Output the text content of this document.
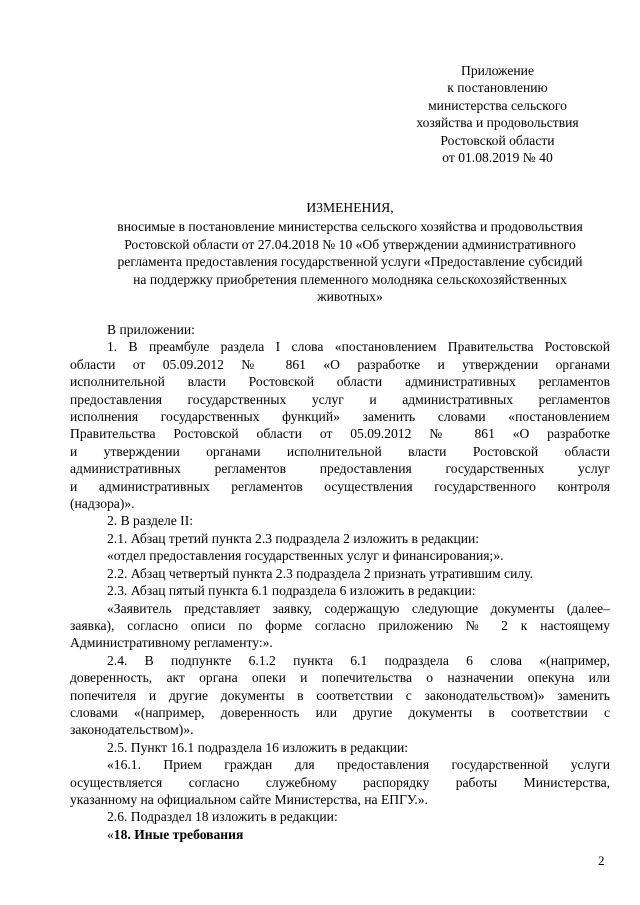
Приложение
к постановлению
министерства сельского
хозяйства и продовольствия
Ростовской области
от 01.08.2019 № 40
ИЗМЕНЕНИЯ,
вносимые в постановление министерства сельского хозяйства и продовольствия
Ростовской области от 27.04.2018 № 10 «Об утверждении административного
регламента предоставления государственной услуги «Предоставление субсидий
на поддержку приобретения племенного молодняка сельскохозяйственных
животных»

В приложении:

1. В преамбуле раздела I слова «постановлением Правительства Ростовской
области от 05.09.2012 № 861 «О разработке и утверждении органами
исполнительной власти Ростовской области административных регламентов
предоставления государственных услуг и административных регламентов
исполнения государственных функций» заменить словами «постановлением
Правительства Ростовской области от 05.09.2012 № 861 «О разработке
и утверждении органами исполнительной власти Ростовской области
административных регламентов предоставления государственных услуг
и административных регламентов осуществления государственного контроля
(надзора)».

2. В разделе II:

2.1. Абзац третий пункта 2.3 подраздела 2 изложить в редакции:

«отдел предоставления государственных услуг и финансирования;».

2.2. Абзац четвертый пункта 2.3 подраздела 2 признать утратившим силу.

2.3. Абзац пятый пункта 6.1 подраздела 6 изложить в редакции:

«Заявитель представляет заявку, содержащую следующие документы (далее–
заявка), согласно описи по форме согласно приложению № 2 к настоящему
Административному регламенту:».

2.4. В подпункте 6.1.2 пункта 6.1 подраздела 6 слова «(например,
доверенность, акт органа опеки и попечительства о назначении опекуна или
попечителя и другие документы в соответствии с законодательством)» заменить
словами «(например, доверенность или другие документы в соответствии с
законодательством)».

2.5. Пункт 16.1 подраздела 16 изложить в редакции:

«16.1. Прием граждан для предоставления государственной услуги
осуществляется согласно служебному распорядку работы Министерства,
указанному на официальном сайте Министерства, на ЕПГУ.».

2.6. Подраздел 18 изложить в редакции:

«18. Иные требования

2
